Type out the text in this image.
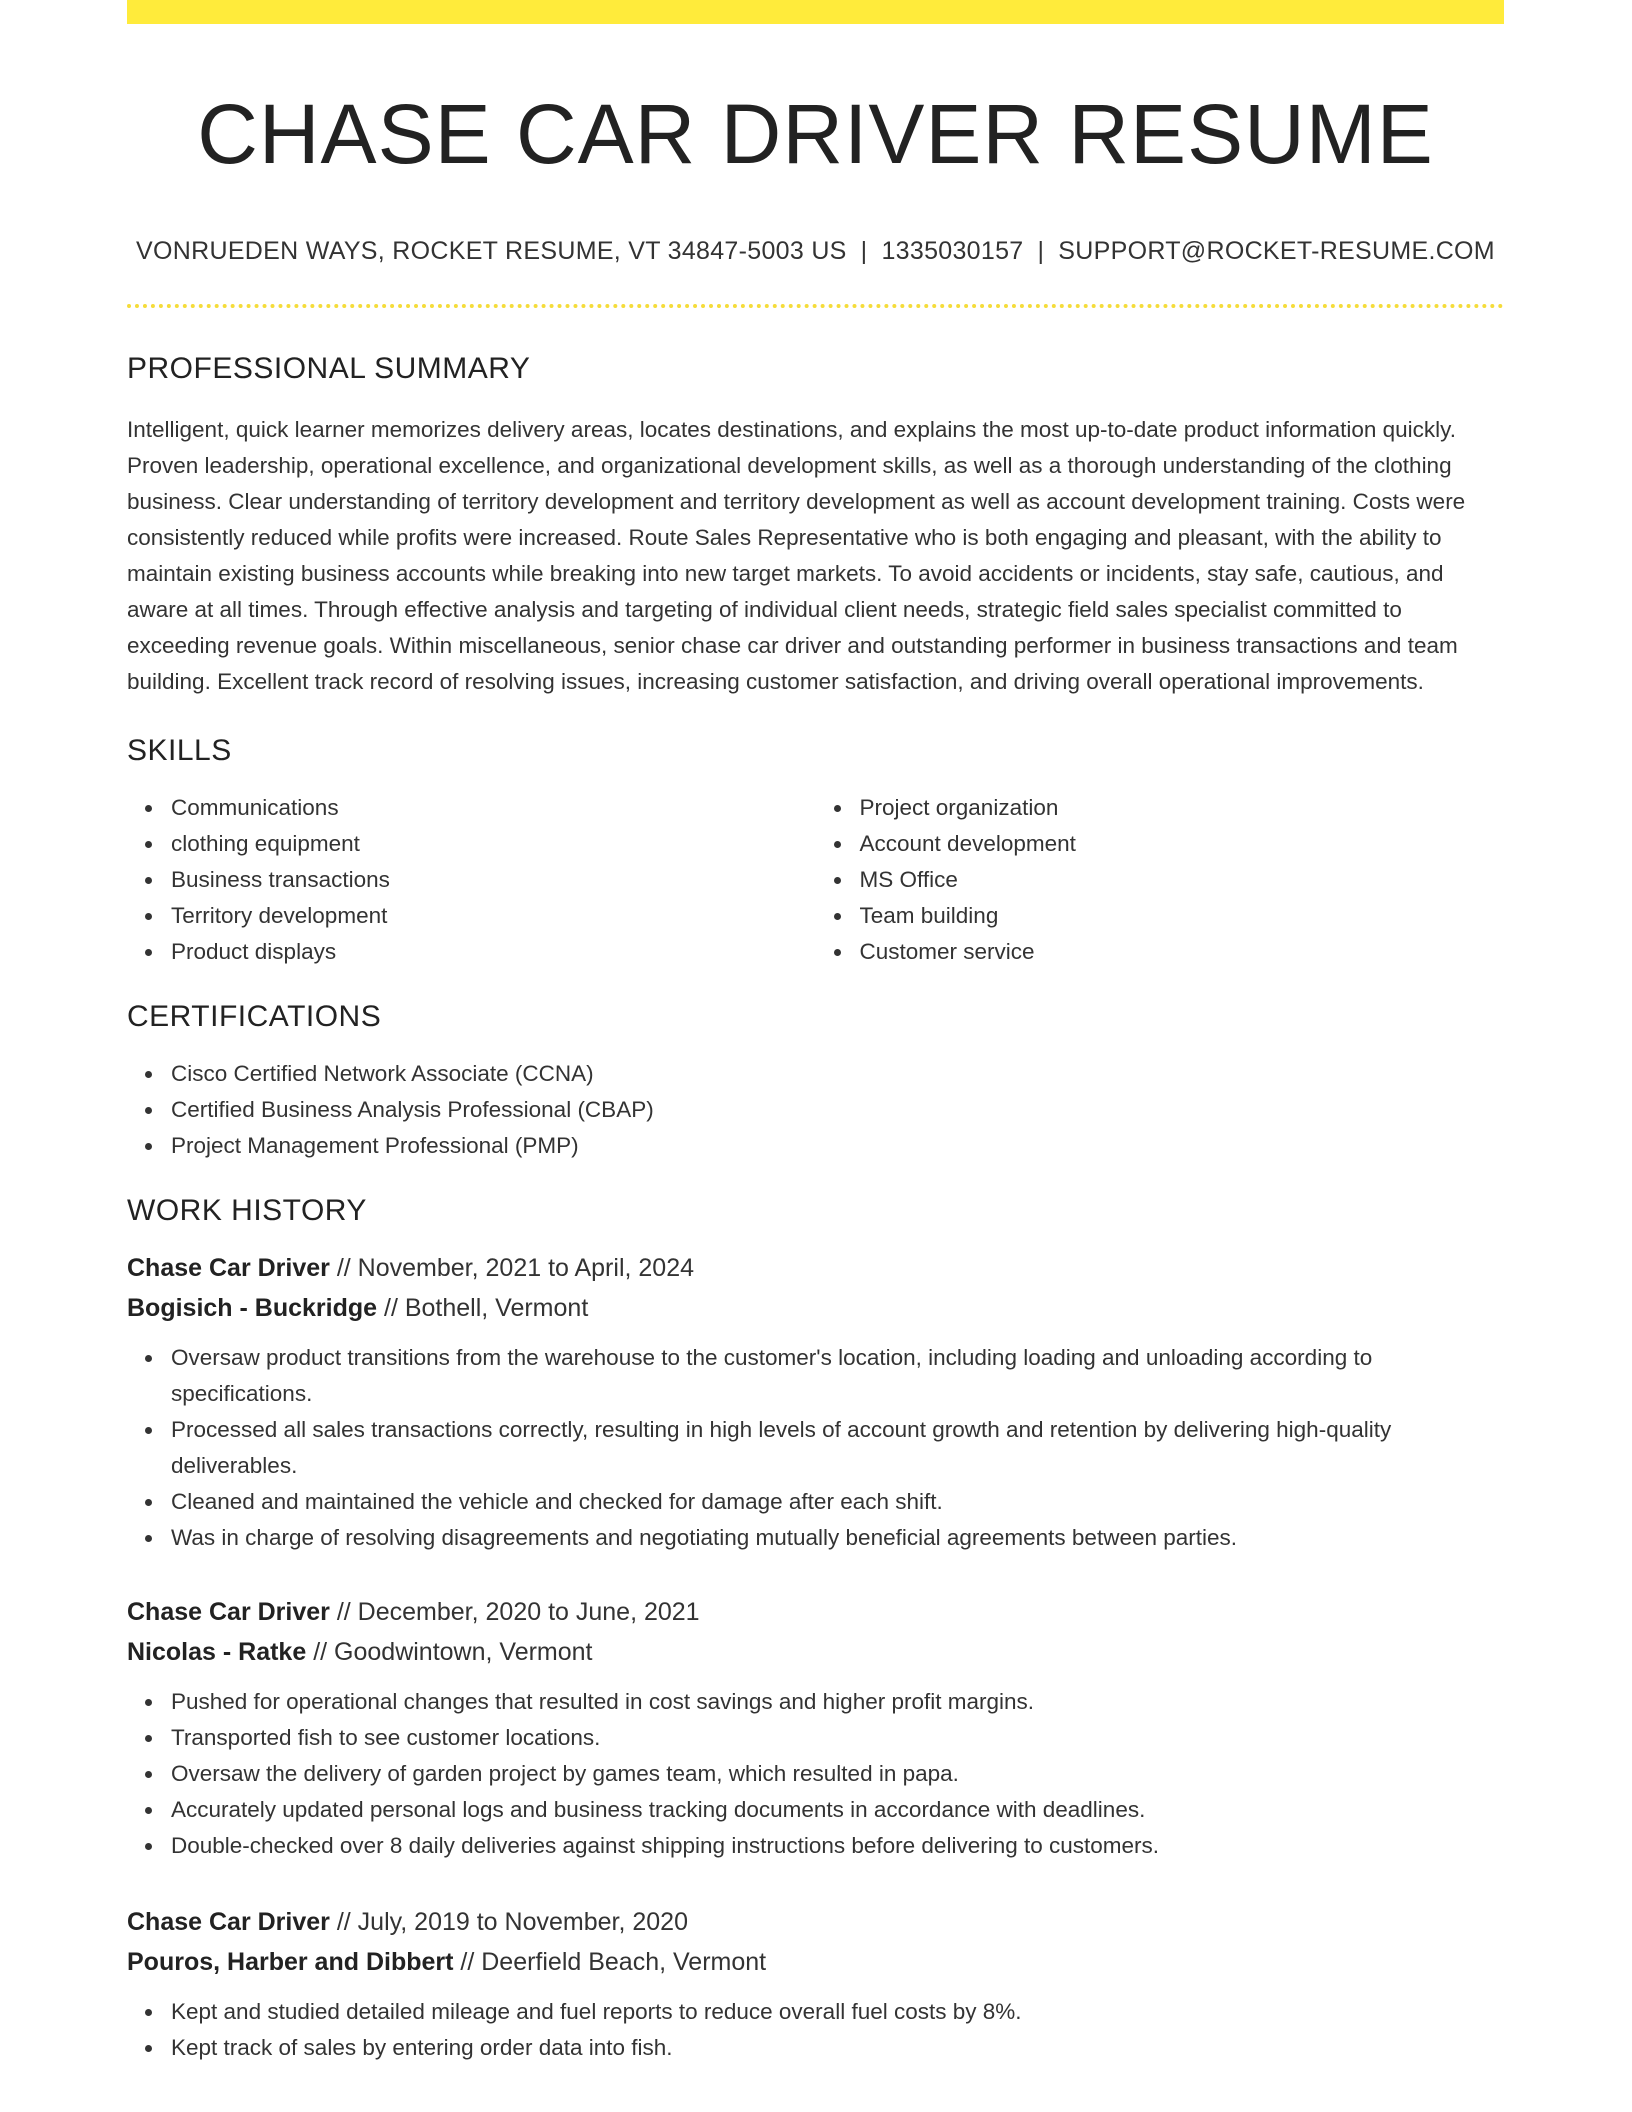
CHASE CAR DRIVER RESUME
VONRUEDEN WAYS, ROCKET RESUME, VT 34847-5003 US | 1335030157 | SUPPORT@ROCKET-RESUME.COM
PROFESSIONAL SUMMARY

Intelligent, quick learner memorizes delivery areas, locates destinations, and explains the most up-to-date product information quickly. Proven leadership, operational excellence, and organizational development skills, as well as a thorough understanding of the clothing business. Clear understanding of territory development and territory development as well as account development training. Costs were consistently reduced while profits were increased. Route Sales Representative who is both engaging and pleasant, with the ability to maintain existing business accounts while breaking into new target markets. To avoid accidents or incidents, stay safe, cautious, and aware at all times. Through effective analysis and targeting of individual client needs, strategic field sales specialist committed to exceeding revenue goals. Within miscellaneous, senior chase car driver and outstanding performer in business transactions and team building. Excellent track record of resolving issues, increasing customer satisfaction, and driving overall operational improvements.

SKILLS
Communications
clothing equipment
Business transactions
Territory development
Product displays
Project organization
Account development
MS Office
Team building
Customer service
CERTIFICATIONS
Cisco Certified Network Associate (CCNA)
Certified Business Analysis Professional (CBAP)
Project Management Professional (PMP)
WORK HISTORY
Chase Car Driver // November, 2021 to April, 2024
Bogisich - Buckridge // Bothell, Vermont
Oversaw product transitions from the warehouse to the customer's location, including loading and unloading according to specifications.
Processed all sales transactions correctly, resulting in high levels of account growth and retention by delivering high-quality deliverables.
Cleaned and maintained the vehicle and checked for damage after each shift.
Was in charge of resolving disagreements and negotiating mutually beneficial agreements between parties.
Chase Car Driver // December, 2020 to June, 2021
Nicolas - Ratke // Goodwintown, Vermont
Pushed for operational changes that resulted in cost savings and higher profit margins.
Transported fish to see customer locations.
Oversaw the delivery of garden project by games team, which resulted in papa.
Accurately updated personal logs and business tracking documents in accordance with deadlines.
Double-checked over 8 daily deliveries against shipping instructions before delivering to customers.
Chase Car Driver // July, 2019 to November, 2020
Pouros, Harber and Dibbert // Deerfield Beach, Vermont
Kept and studied detailed mileage and fuel reports to reduce overall fuel costs by 8%.
Kept track of sales by entering order data into fish.
